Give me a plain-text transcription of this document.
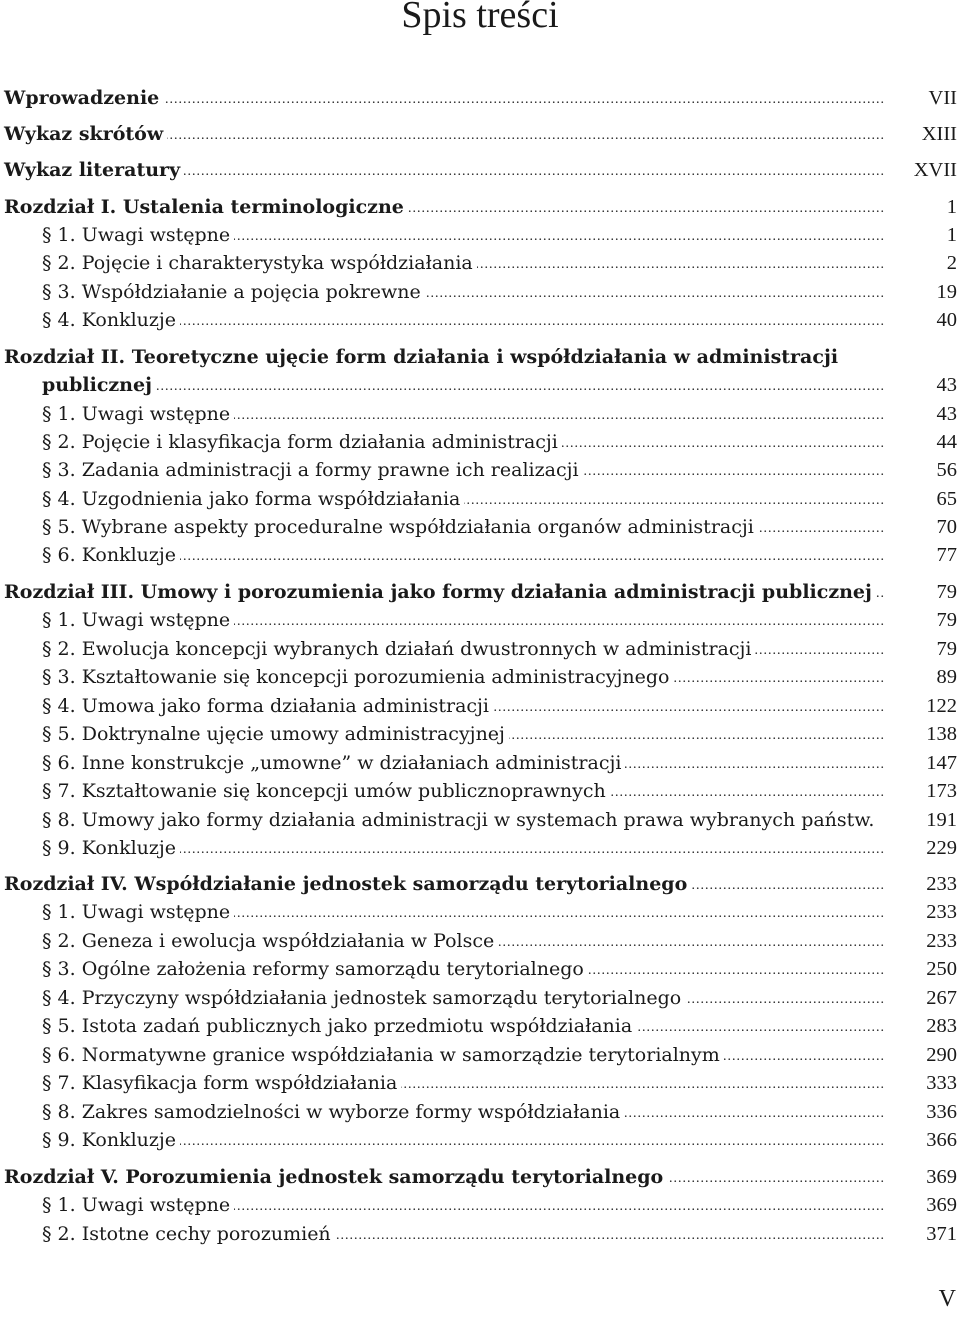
Spis treści
.....
Wprowadzenie	VII
.....
Wykaz skrótów	XIII
.....
Wykaz literatury	XVII
.....
Rozdział I. Ustalenia terminologiczne	1
.....
§ 1. Uwagi wstępne	1
.....
§ 2. Pojęcie i charakterystyka współdziałania	2
.....
§ 3. Współdziałanie a pojęcia pokrewne	19
.....
§ 4. Konkluzje	40
Rozdział II. Teoretyczne ujęcie form działania i współdziałania w administracji
.....
publicznej	43
.....
§ 1. Uwagi wstępne	43
.....
§ 2. Pojęcie i klasyfikacja form działania administracji	44
.....
§ 3. Zadania administracji a formy prawne ich realizacji	56
.....
§ 4. Uzgodnienia jako forma współdziałania	65
.....
§ 5. Wybrane aspekty proceduralne współdziałania organów administracji	70
.....
§ 6. Konkluzje	77
.....
Rozdział III. Umowy i porozumienia jako formy działania administracji publicznej	79
.....
§ 1. Uwagi wstępne	79
.....
§ 2. Ewolucja koncepcji wybranych działań dwustronnych w administracji	79
.....
§ 3. Kształtowanie się koncepcji porozumienia administracyjnego	89
.....
§ 4. Umowa jako forma działania administracji	122
.....
§ 5. Doktrynalne ujęcie umowy administracyjnej	138
.....
§ 6. Inne konstrukcje „umowne” w działaniach administracji	147
.....
§ 7. Kształtowanie się koncepcji umów publicznoprawnych	173
§ 8. Umowy jako formy działania administracji w systemach prawa wybranych państw.	191
.....
§ 9. Konkluzje	229
.....
Rozdział IV. Współdziałanie jednostek samorządu terytorialnego	233
.....
§ 1. Uwagi wstępne	233
.....
§ 2. Geneza i ewolucja współdziałania w Polsce	233
.....
§ 3. Ogólne założenia reformy samorządu terytorialnego	250
.....
§ 4. Przyczyny współdziałania jednostek samorządu terytorialnego	267
.....
§ 5. Istota zadań publicznych jako przedmiotu współdziałania	283
.....
§ 6. Normatywne granice współdziałania w samorządzie terytorialnym	290
.....
§ 7. Klasyfikacja form współdziałania	333
.....
§ 8. Zakres samodzielności w wyborze formy współdziałania	336
.....
§ 9. Konkluzje	366
.....
Rozdział V. Porozumienia jednostek samorządu terytorialnego	369
.....
§ 1. Uwagi wstępne	369
.....
§ 2. Istotne cechy porozumień	371
V
